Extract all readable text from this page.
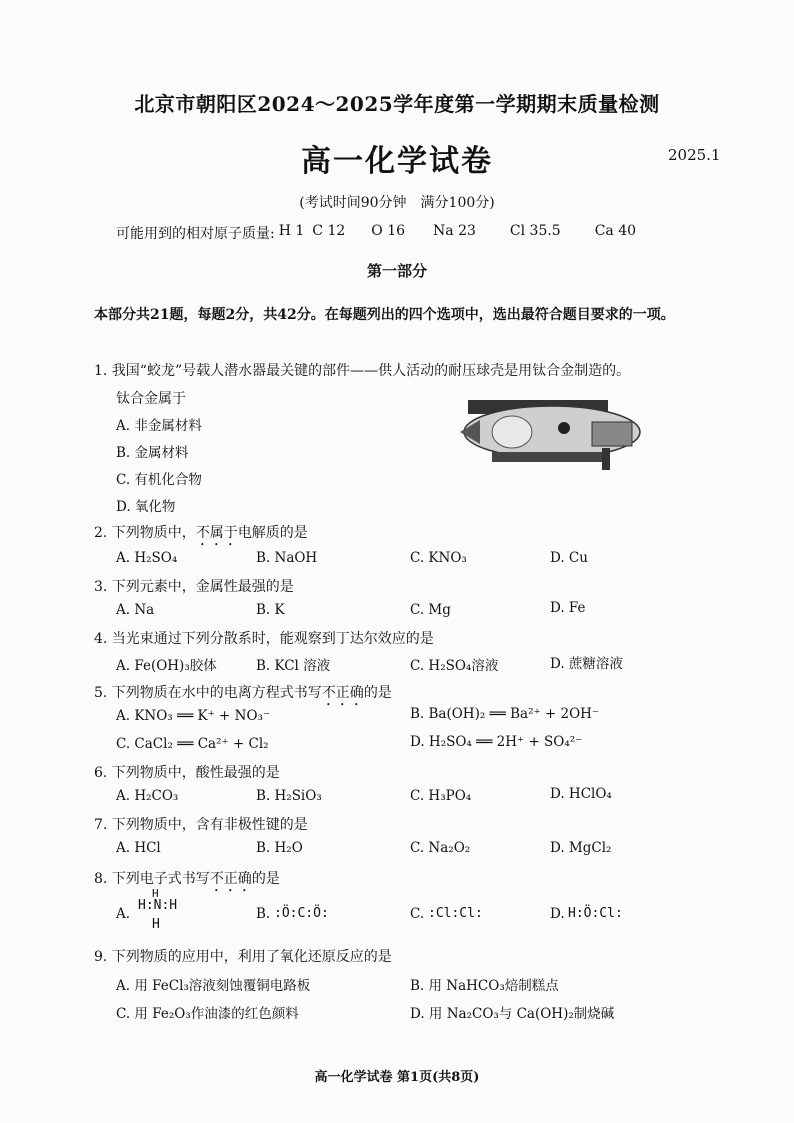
北京市朝阳区2024～2025学年度第一学期期末质量检测
高一化学试卷	2025.1
(考试时间90分钟　满分100分)
可能用到的相对原子质量: H 1 C 12 O 16 Na 23 Cl 35.5 Ca 40
第一部分
本部分共21题，每题2分，共42分。在每题列出的四个选项中，选出最符合题目要求的一项。
1. 我国“蛟龙”号载人潜水器最关键的部件——供人活动的耐压球壳是用钛合金制造的。
钛合金属于
A. 非金属材料
B. 金属材料
C. 有机化合物
D. 氧化物
2. 下列物质中，不属于电解质的是
A. H₂SO₄	B. NaOH	C. KNO₃	D. Cu
3. 下列元素中，金属性最强的是
A. Na	B. K	C. Mg	D. Fe
4. 当光束通过下列分散系时，能观察到丁达尔效应的是
A. Fe(OH)₃胶体	B. KCl 溶液	C. H₂SO₄溶液	D. 蔗糖溶液
5. 下列物质在水中的电离方程式书写不正确的是
A. KNO₃ ══ K⁺ + NO₃⁻	B. Ba(OH)₂ ══ Ba²⁺ + 2OH⁻
C. CaCl₂ ══ Ca²⁺ + Cl₂	D. H₂SO₄ ══ 2H⁺ + SO₄²⁻
6. 下列物质中，酸性最强的是
A. H₂CO₃	B. H₂SiO₃	C. H₃PO₄	D. HClO₄
7. 下列物质中，含有非极性键的是
A. HCl	B. H₂O	C. Na₂O₂	D. MgCl₂
8. 下列电子式书写不正确的是
A.
H:N:H
H
H
B. :Ö:C:Ö:	C. :Cl:Cl:	D. H:Ö:Cl:
9. 下列物质的应用中，利用了氧化还原反应的是
A. 用 FeCl₃溶液刻蚀覆铜电路板	B. 用 NaHCO₃焙制糕点
C. 用 Fe₂O₃作油漆的红色颜料	D. 用 Na₂CO₃与 Ca(OH)₂制烧碱
高一化学试卷 第1页(共8页)
